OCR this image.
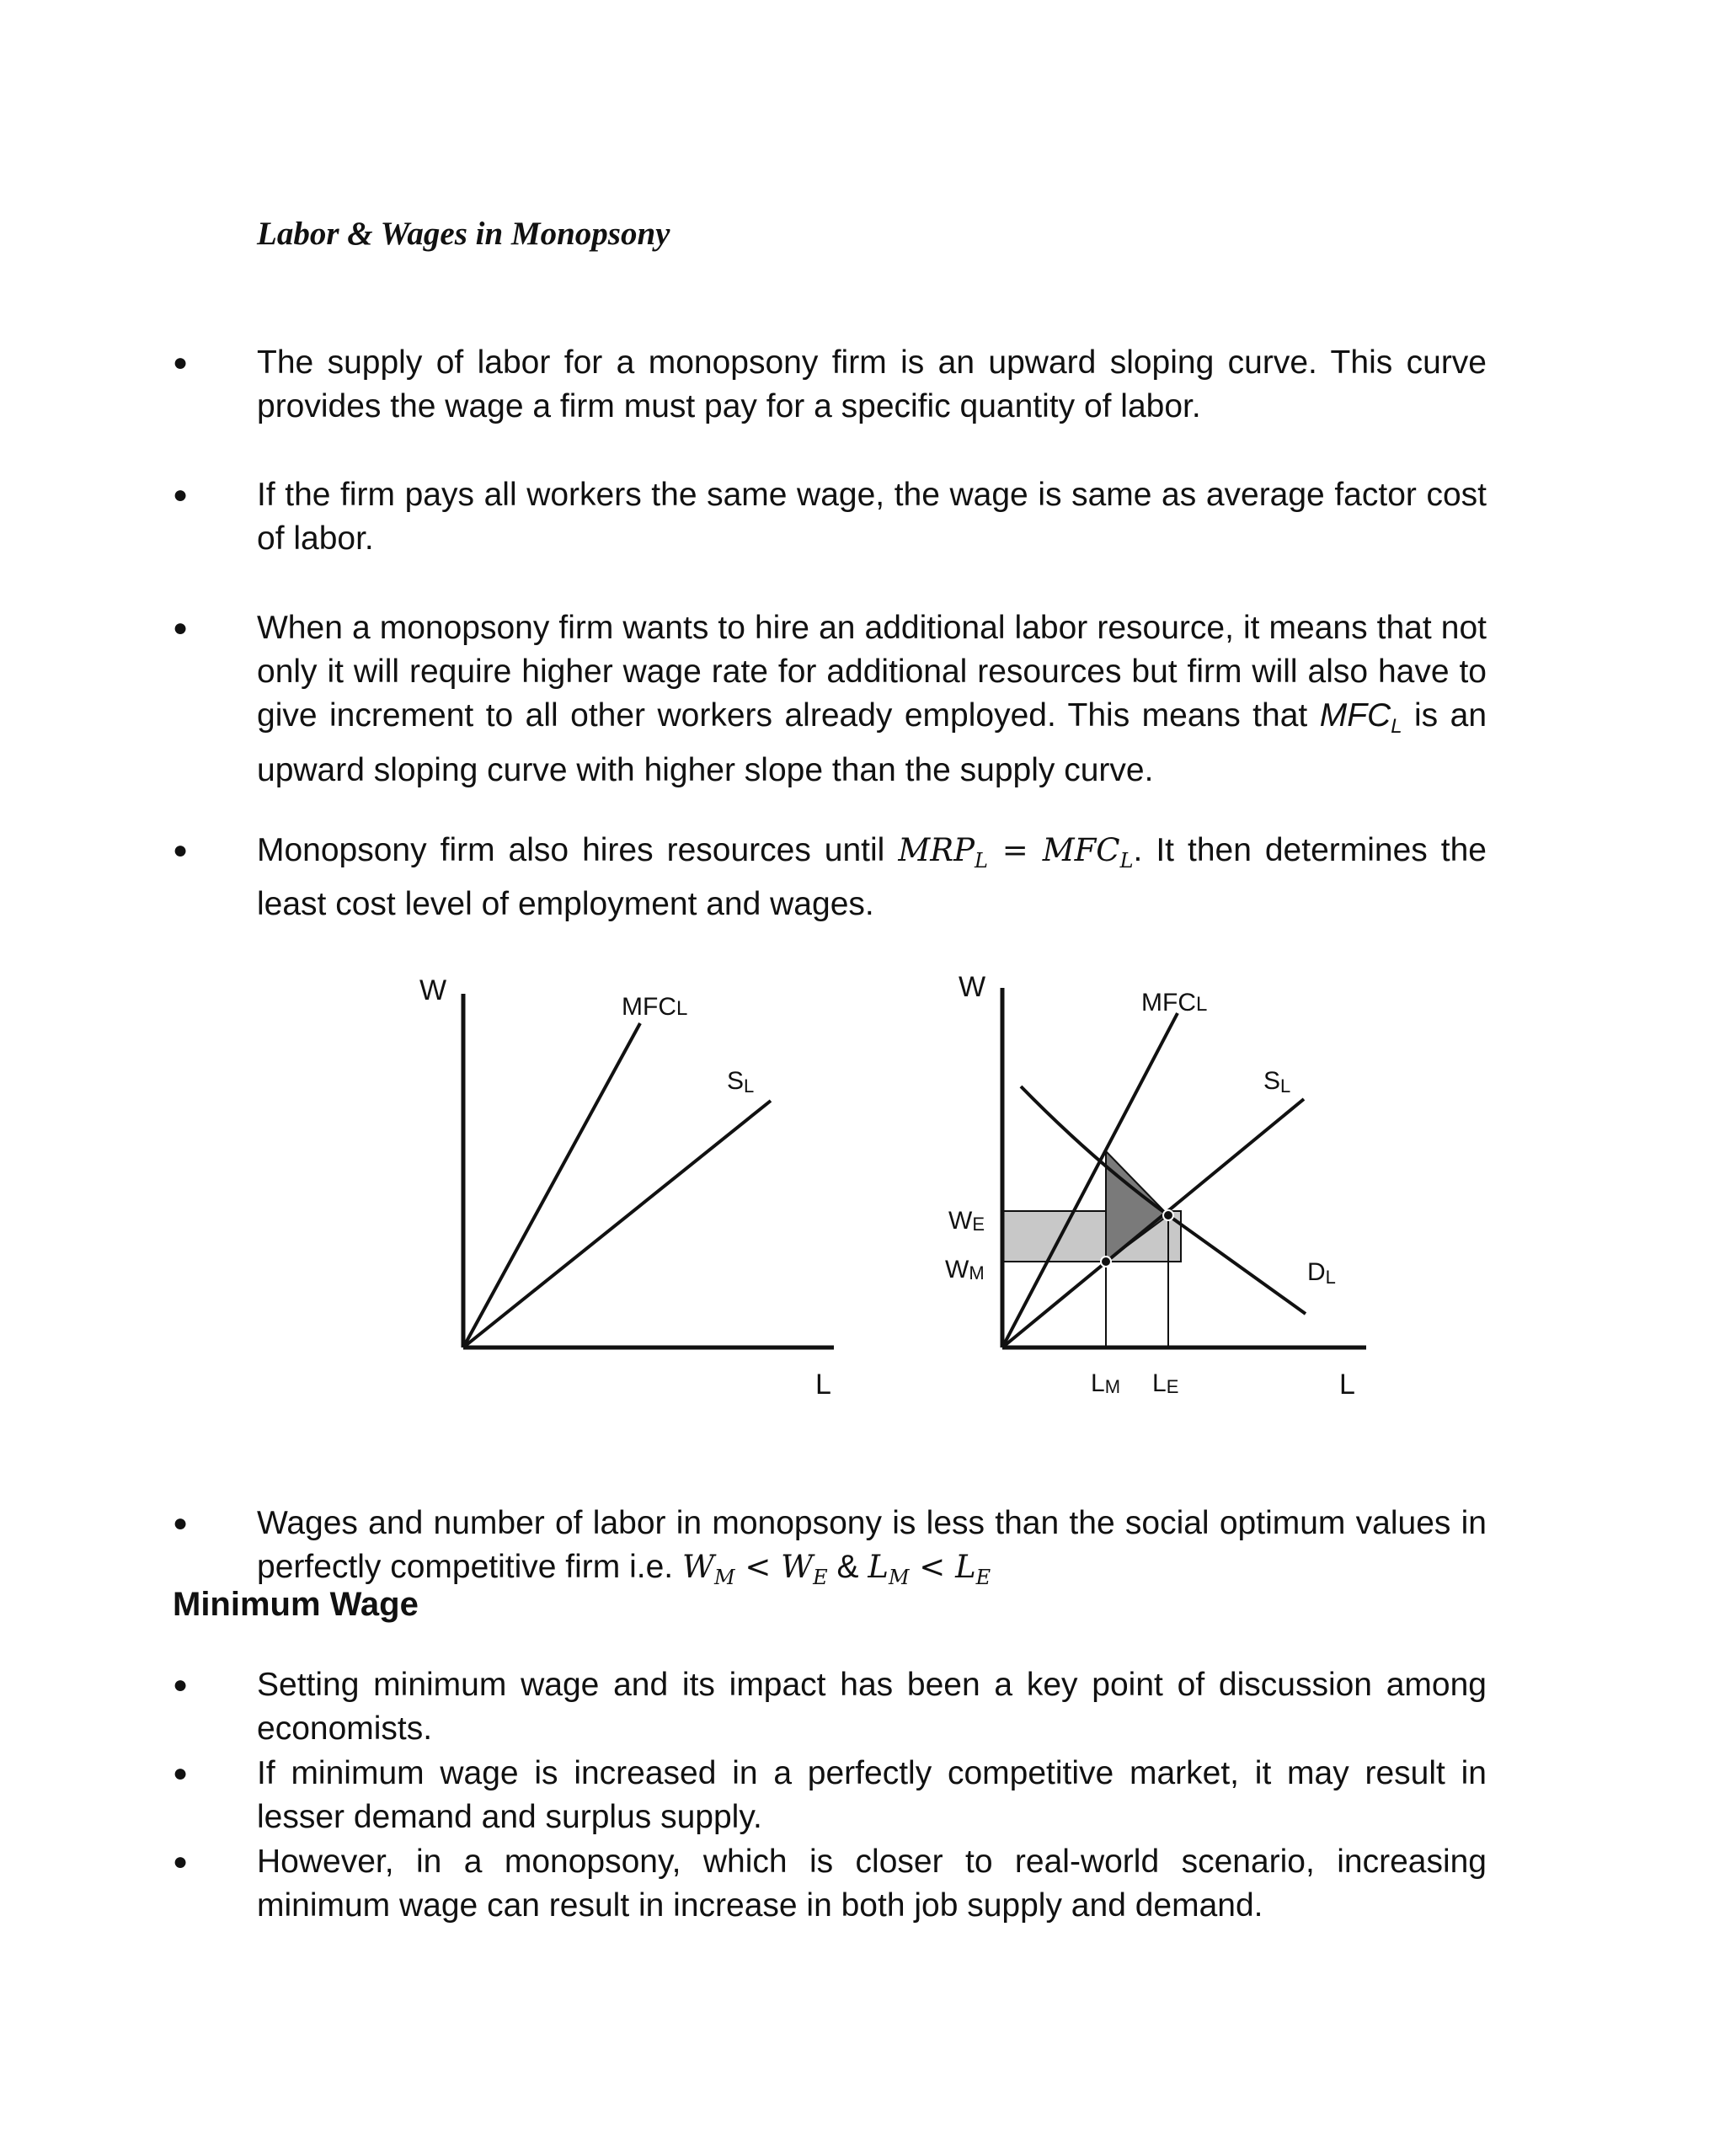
Labor & Wages in Monopsony
● The supply of labor for a monopsony firm is an upward sloping curve. This curve provides the wage a firm must pay for a specific quantity of labor.
● If the firm pays all workers the same wage, the wage is same as average factor cost of labor.
● When a monopsony firm wants to hire an additional labor resource, it means that not only it will require higher wage rate for additional resources but firm will also have to give increment to all other workers already employed. This means that $MFC_L$ is an upward sloping curve with higher slope than the supply curve.
● Monopsony firm also hires resources until $MRP_L = MFC_L$. It then determines the least cost level of employment and wages.
W
L
MFCL
SL
W
L
MFCL
SL
DL
WE
WM
LM LE
● Wages and number of labor in monopsony is less than the social optimum values in perfectly competitive firm i.e. $W_M < W_E$ & $L_M < L_E$
Minimum Wage
● Setting minimum wage and its impact has been a key point of discussion among economists.
● If minimum wage is increased in a perfectly competitive market, it may result in lesser demand and surplus supply.
● However, in a monopsony, which is closer to real-world scenario, increasing minimum wage can result in increase in both job supply and demand.
